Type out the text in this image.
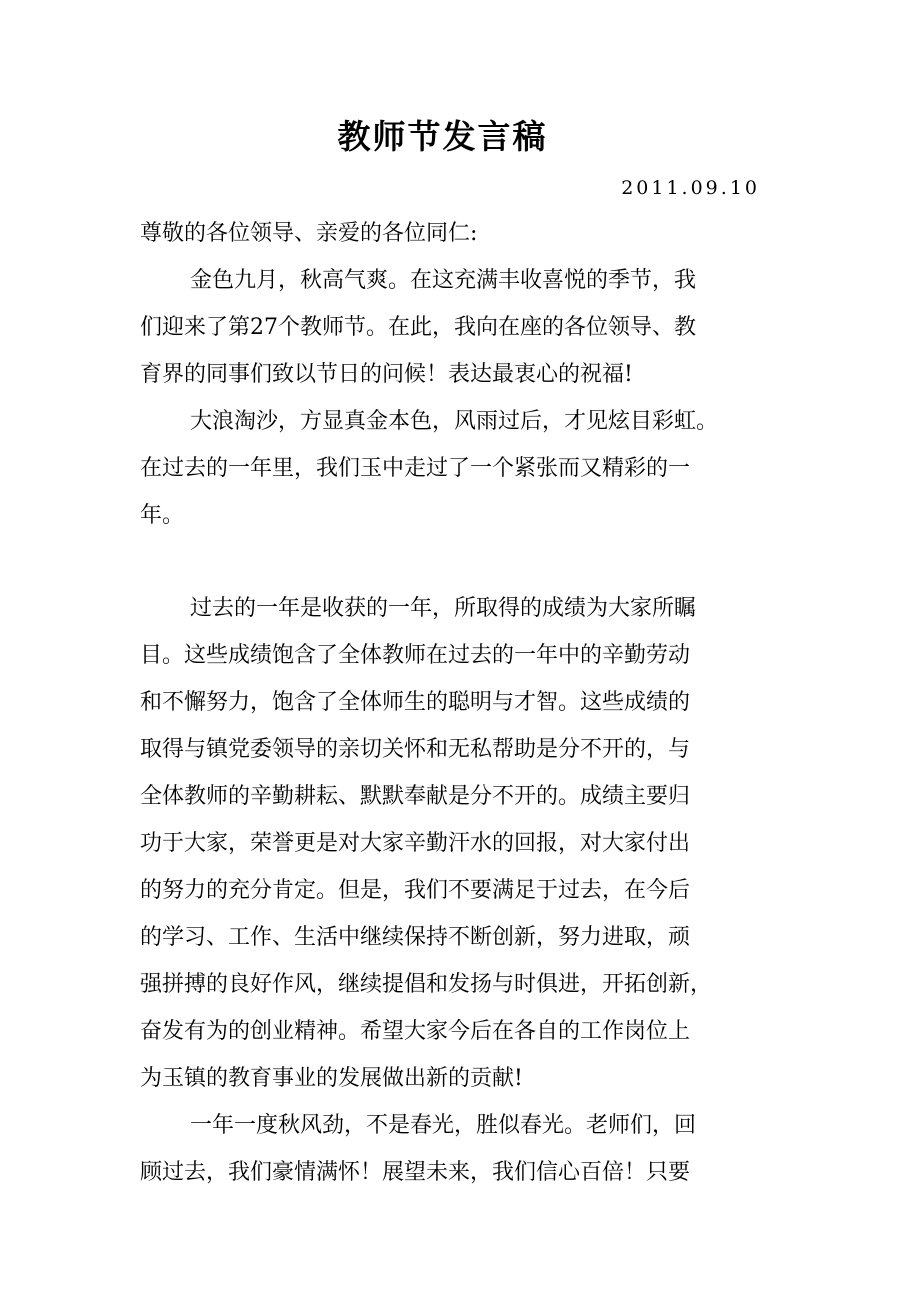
教师节发言稿
2011.09.10
尊敬的各位领导、亲爱的各位同仁:
金色九月，秋高气爽。在这充满丰收喜悦的季节，我
们迎来了第27个教师节。在此，我向在座的各位领导、教
育界的同事们致以节日的问候！表达最衷心的祝福!
大浪淘沙，方显真金本色，风雨过后，才见炫目彩虹。
在过去的一年里，我们玉中走过了一个紧张而又精彩的一
年。
过去的一年是收获的一年，所取得的成绩为大家所瞩
目。这些成绩饱含了全体教师在过去的一年中的辛勤劳动
和不懈努力，饱含了全体师生的聪明与才智。这些成绩的
取得与镇党委领导的亲切关怀和无私帮助是分不开的，与
全体教师的辛勤耕耘、默默奉献是分不开的。成绩主要归
功于大家，荣誉更是对大家辛勤汗水的回报，对大家付出
的努力的充分肯定。但是，我们不要满足于过去，在今后
的学习、工作、生活中继续保持不断创新，努力进取，顽
强拼搏的良好作风，继续提倡和发扬与时俱进，开拓创新，
奋发有为的创业精神。希望大家今后在各自的工作岗位上
为玉镇的教育事业的发展做出新的贡献!
一年一度秋风劲，不是春光，胜似春光。老师们，回
顾过去，我们豪情满怀！展望未来，我们信心百倍！只要
